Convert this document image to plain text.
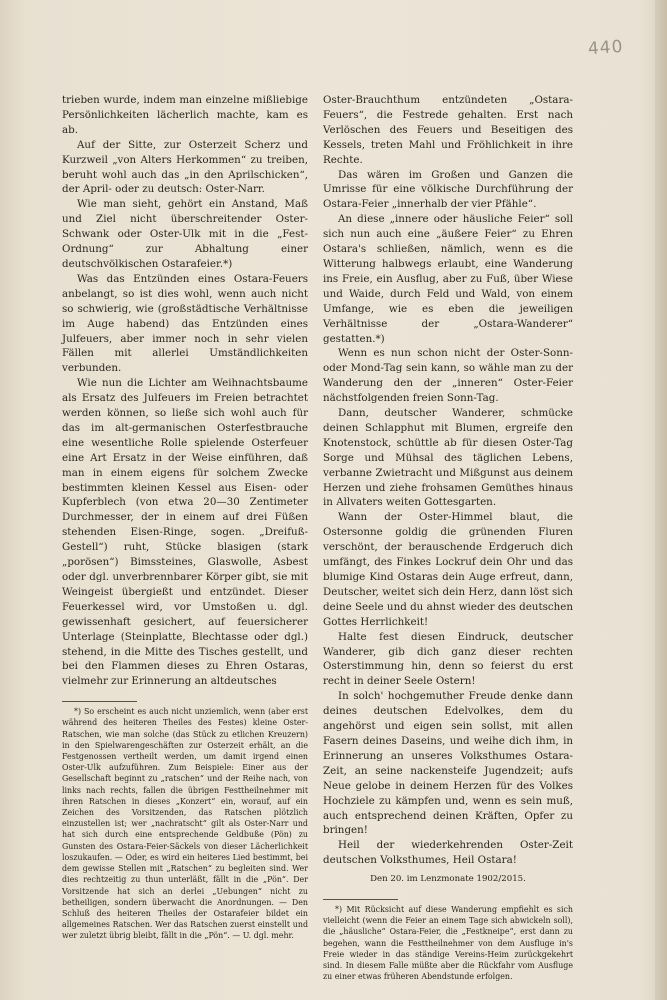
440

trieben wurde, indem man einzelne mißliebige Persönlichkeiten lächerlich machte, kam es ab.

Auf der Sitte, zur Osterzeit Scherz und Kurzweil „von Alters Herkommen“ zu treiben, beruht wohl auch das „in den Aprilschicken“, der April- oder zu deutsch: Oster-Narr.

Wie man sieht, gehört ein Anstand, Maß und Ziel nicht überschreitender Oster-Schwank oder Oster-Ulk mit in die „Fest-Ordnung“ zur Abhaltung einer deutschvölkischen Ostarafeier.*)

Was das Entzünden eines Ostara-Feuers anbelangt, so ist dies wohl, wenn auch nicht so schwierig, wie (großstädtische Verhältnisse im Auge habend) das Entzünden eines Julfeuers, aber immer noch in sehr vielen Fällen mit allerlei Umständlichkeiten verbunden.

Wie nun die Lichter am Weihnachtsbaume als Ersatz des Julfeuers im Freien betrachtet werden können, so ließe sich wohl auch für das im alt-germanischen Osterfestbrauche eine wesentliche Rolle spielende Osterfeuer eine Art Ersatz in der Weise einführen, daß man in einem eigens für solchem Zwecke bestimmten kleinen Kessel aus Eisen- oder Kupferblech (von etwa 20—30 Zentimeter Durchmesser, der in einem auf drei Füßen stehenden Eisen-Ringe, sogen. „Dreifuß-Gestell“) ruht, Stücke blasigen (stark „porösen“) Bimssteines, Glaswolle, Asbest oder dgl. unverbrennbarer Körper gibt, sie mit Weingeist übergießt und entzündet. Dieser Feuerkessel wird, vor Umstoßen u. dgl. gewissenhaft gesichert, auf feuersicherer Unterlage (Steinplatte, Blechtasse oder dgl.) stehend, in die Mitte des Tisches gestellt, und bei den Flammen dieses zu Ehren Ostaras, vielmehr zur Erinnerung an altdeutsches

*) So erscheint es auch nicht unziemlich, wenn (aber erst während des heiteren Theiles des Festes) kleine Oster-Ratschen, wie man solche (das Stück zu etlichen Kreuzern) in den Spielwarengeschäften zur Osterzeit erhält, an die Festgenossen vertheilt werden, um damit irgend einen Oster-Ulk aufzuführen. Zum Beispiele: Einer aus der Gesellschaft beginnt zu „ratschen“ und der Reihe nach, von links nach rechts, fallen die übrigen Festtheilnehmer mit ihren Ratschen in dieses „Konzert“ ein, worauf, auf ein Zeichen des Vorsitzenden, das Ratschen plötzlich einzustellen ist; wer „nachratscht“ gilt als Oster-Narr und hat sich durch eine entsprechende Geldbuße (Pön) zu Gunsten des Ostara-Feier-Säckels von dieser Lächerlichkeit loszukaufen. — Oder, es wird ein heiteres Lied bestimmt, bei dem gewisse Stellen mit „Ratschen“ zu begleiten sind. Wer dies rechtzeitig zu thun unterläßt, fällt in die „Pön“. Der Vorsitzende hat sich an derlei „Uebungen“ nicht zu betheiligen, sondern überwacht die Anordnungen. — Den Schluß des heiteren Theiles der Ostarafeier bildet ein allgemeines Ratschen. Wer das Ratschen zuerst einstellt und wer zuletzt übrig bleibt, fällt in die „Pön“. — U. dgl. mehr.

Oster-Brauchthum entzündeten „Ostara-Feuers“, die Festrede gehalten. Erst nach Verlöschen des Feuers und Beseitigen des Kessels, treten Mahl und Fröhlichkeit in ihre Rechte.

Das wären im Großen und Ganzen die Umrisse für eine völkische Durchführung der Ostara-Feier „innerhalb der vier Pfähle“.

An diese „innere oder häusliche Feier“ soll sich nun auch eine „äußere Feier“ zu Ehren Ostara's schließen, nämlich, wenn es die Witterung halbwegs erlaubt, eine Wanderung ins Freie, ein Ausflug, aber zu Fuß, über Wiese und Waide, durch Feld und Wald, von einem Umfange, wie es eben die jeweiligen Verhältnisse der „Ostara-Wanderer“ gestatten.*)

Wenn es nun schon nicht der Oster-Sonn- oder Mond-Tag sein kann, so wähle man zu der Wanderung den der „inneren“ Oster-Feier nächstfolgenden freien Sonn-Tag.

Dann, deutscher Wanderer, schmücke deinen Schlapphut mit Blumen, ergreife den Knotenstock, schüttle ab für diesen Oster-Tag Sorge und Mühsal des täglichen Lebens, verbanne Zwietracht und Mißgunst aus deinem Herzen und ziehe frohsamen Gemüthes hinaus in Allvaters weiten Gottesgarten.

Wann der Oster-Himmel blaut, die Ostersonne goldig die grünenden Fluren verschönt, der berauschende Erdgeruch dich umfängt, des Finkes Lockruf dein Ohr und das blumige Kind Ostaras dein Auge erfreut, dann, Deutscher, weitet sich dein Herz, dann löst sich deine Seele und du ahnst wieder des deutschen Gottes Herrlichkeit!

Halte fest diesen Eindruck, deutscher Wanderer, gib dich ganz dieser rechten Osterstimmung hin, denn so feierst du erst recht in deiner Seele Ostern!

In solch' hochgemuther Freude denke dann deines deutschen Edelvolkes, dem du angehörst und eigen sein sollst, mit allen Fasern deines Daseins, und weihe dich ihm, in Erinnerung an unseres Volksthumes Ostara-Zeit, an seine nackensteife Jugendzeit; aufs Neue gelobe in deinem Herzen für des Volkes Hochziele zu kämpfen und, wenn es sein muß, auch entsprechend deinen Kräften, Opfer zu bringen!

Heil der wiederkehrenden Oster-Zeit deutschen Volksthumes, Heil Ostara!

Den 20. im Lenzmonate 1902/2015.

*) Mit Rücksicht auf diese Wanderung empfiehlt es sich vielleicht (wenn die Feier an einem Tage sich abwickeln soll), die „häusliche“ Ostara-Feier, die „Festkneipe“, erst dann zu begehen, wann die Festtheilnehmer von dem Ausfluge in's Freie wieder in das ständige Vereins-Heim zurückgekehrt sind. In diesem Falle müßte aber die Rückfahr vom Ausfluge zu einer etwas früheren Abendstunde erfolgen.
